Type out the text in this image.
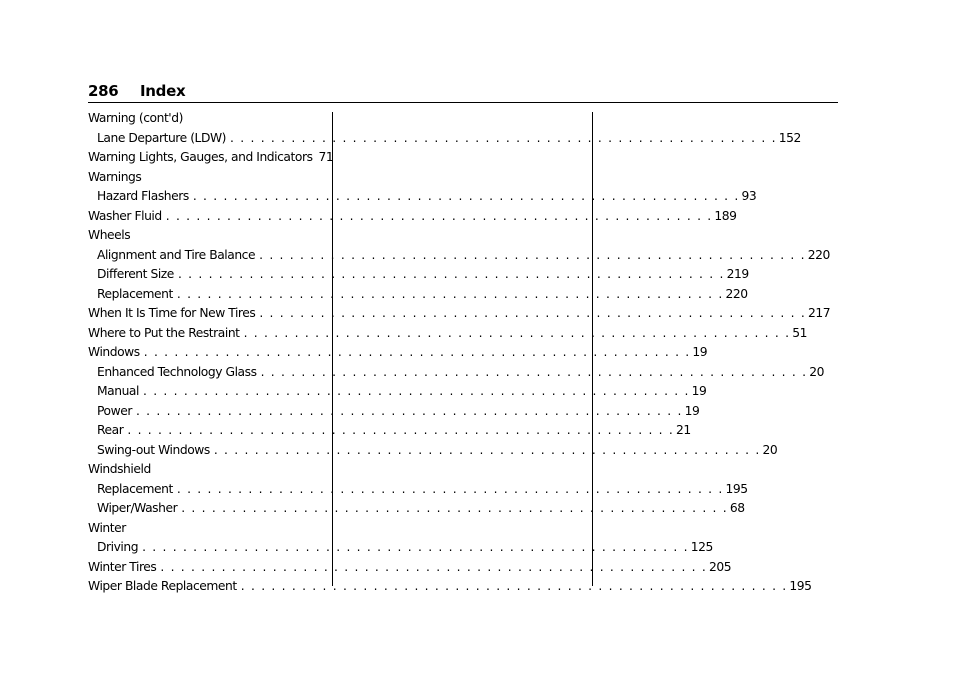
286 Index
Warning (cont'd)
Lane Departure (LDW) . . . . . . . . . . . . . . . . . . . . . . . . . . . . . . . . . . . . . . . . . . . . . . . . . . . . . . 152
Warning Lights, Gauges, and Indicators 71
Warnings
Hazard Flashers . . . . . . . . . . . . . . . . . . . . . . . . . . . . . . . . . . . . . . . . . . . . . . . . . . . . . . 93
Washer Fluid . . . . . . . . . . . . . . . . . . . . . . . . . . . . . . . . . . . . . . . . . . . . . . . . . . . . . . 189
Wheels
Alignment and Tire Balance . . . . . . . . . . . . . . . . . . . . . . . . . . . . . . . . . . . . . . . . . . . . . . . . . . . . . . 220
Different Size . . . . . . . . . . . . . . . . . . . . . . . . . . . . . . . . . . . . . . . . . . . . . . . . . . . . . . 219
Replacement . . . . . . . . . . . . . . . . . . . . . . . . . . . . . . . . . . . . . . . . . . . . . . . . . . . . . . 220
When It Is Time for New Tires . . . . . . . . . . . . . . . . . . . . . . . . . . . . . . . . . . . . . . . . . . . . . . . . . . . . . . 217
Where to Put the Restraint . . . . . . . . . . . . . . . . . . . . . . . . . . . . . . . . . . . . . . . . . . . . . . . . . . . . . . 51
Windows . . . . . . . . . . . . . . . . . . . . . . . . . . . . . . . . . . . . . . . . . . . . . . . . . . . . . . 19
Enhanced Technology Glass . . . . . . . . . . . . . . . . . . . . . . . . . . . . . . . . . . . . . . . . . . . . . . . . . . . . . . 20
Manual . . . . . . . . . . . . . . . . . . . . . . . . . . . . . . . . . . . . . . . . . . . . . . . . . . . . . . 19
Power . . . . . . . . . . . . . . . . . . . . . . . . . . . . . . . . . . . . . . . . . . . . . . . . . . . . . . 19
Rear . . . . . . . . . . . . . . . . . . . . . . . . . . . . . . . . . . . . . . . . . . . . . . . . . . . . . . 21
Swing-out Windows . . . . . . . . . . . . . . . . . . . . . . . . . . . . . . . . . . . . . . . . . . . . . . . . . . . . . . 20
Windshield
Replacement . . . . . . . . . . . . . . . . . . . . . . . . . . . . . . . . . . . . . . . . . . . . . . . . . . . . . . 195
Wiper/Washer . . . . . . . . . . . . . . . . . . . . . . . . . . . . . . . . . . . . . . . . . . . . . . . . . . . . . . 68
Winter
Driving . . . . . . . . . . . . . . . . . . . . . . . . . . . . . . . . . . . . . . . . . . . . . . . . . . . . . . 125
Winter Tires . . . . . . . . . . . . . . . . . . . . . . . . . . . . . . . . . . . . . . . . . . . . . . . . . . . . . . 205
Wiper Blade Replacement . . . . . . . . . . . . . . . . . . . . . . . . . . . . . . . . . . . . . . . . . . . . . . . . . . . . . . 195
